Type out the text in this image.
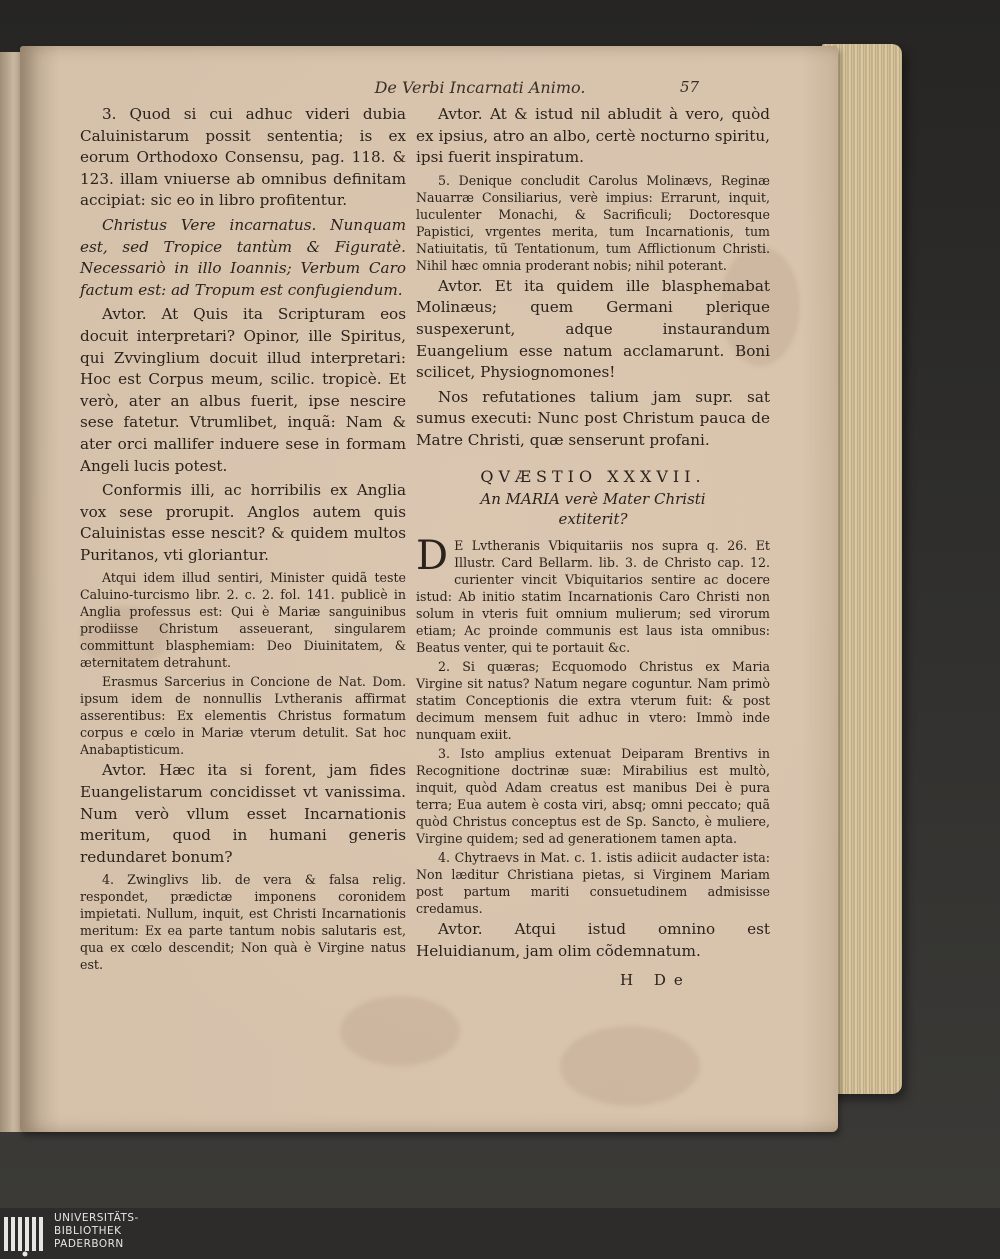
De Verbi Incarnati Animo.	57

3. Quod si cui adhuc videri dubia Caluinistarum possit sententia; is ex eorum Orthodoxo Consensu, pag. 118. & 123. illam vniuerse ab omnibus definitam accipiat: sic eo in libro profitentur.

Christus Vere incarnatus. Nunquam est, sed Tropice tantùm & Figuratè. Necessariò in illo Ioannis; Verbum Caro factum est: ad Tropum est confugiendum.

Avtor. At Quis ita Scripturam eos docuit interpretari? Opinor, ille Spiritus, qui Zvvinglium docuit illud interpretari: Hoc est Corpus meum, scilic. tropicè. Et verò, ater an albus fuerit, ipse nescire sese fatetur. Vtrumlibet, inquã: Nam & ater orci mallifer induere sese in formam Angeli lucis potest.

Conformis illi, ac horribilis ex Anglia vox sese prorupit. Anglos autem quis Caluinistas esse nescit? & quidem multos Puritanos, vti gloriantur.

Atqui idem illud sentiri, Minister quidã teste Caluino-turcismo libr. 2. c. 2. fol. 141. publicè in Anglia professus est: Qui è Mariæ sanguinibus prodiisse Christum asseuerant, singularem committunt blasphemiam: Deo Diuinitatem, & æternitatem detrahunt.

Erasmus Sarcerius in Concione de Nat. Dom. ipsum idem de nonnullis Lvtheranis affirmat asserentibus: Ex elementis Christus formatum corpus e cœlo in Mariæ vterum detulit. Sat hoc Anabaptisticum.

Avtor. Hæc ita si forent, jam fides Euangelistarum concidisset vt vanissima. Num verò vllum esset Incarnationis meritum, quod in humani generis redundaret bonum?

4. Zwinglivs lib. de vera & falsa relig. respondet, prædictæ imponens coronidem impietati. Nullum, inquit, est Christi Incarnationis meritum: Ex ea parte tantum nobis salutaris est, qua ex cœlo descendit; Non quà è Virgine natus est.

Avtor. At & istud nil abludit à vero, quòd ex ipsius, atro an albo, certè nocturno spiritu, ipsi fuerit inspiratum.

5. Denique concludit Carolus Molinævs, Reginæ Nauarræ Consiliarius, verè impius: Errarunt, inquit, luculenter Monachi, & Sacrificuli; Doctoresque Papistici, vrgentes merita, tum Incarnationis, tum Natiuitatis, tũ Tentationum, tum Afflictionum Christi. Nihil hæc omnia proderant nobis; nihil poterant.

Avtor. Et ita quidem ille blasphemabat Molinæus; quem Germani plerique suspexerunt, adque instaurandum Euangelium esse natum acclamarunt. Boni scilicet, Physiognomones!

Nos refutationes talium jam supr. sat sumus executi: Nunc post Christum pauca de Matre Christi, quæ senserunt profani.

QVÆSTIO XXXVII.
An MARIA verè Mater Christi extiterit?

D E Lvtheranis Vbiquitariis nos supra q. 26. Et Illustr. Card Bellarm. lib. 3. de Christo cap. 12. curienter vincit Vbiquitarios sentire ac docere istud: Ab initio statim Incarnationis Caro Christi non solum in vteris fuit omnium mulierum; sed virorum etiam; Ac proinde communis est laus ista omnibus: Beatus venter, qui te portauit &c.

2. Si quæras; Ecquomodo Christus ex Maria Virgine sit natus? Natum negare coguntur. Nam primò statim Conceptionis die extra vterum fuit: & post decimum mensem fuit adhuc in vtero: Immò inde nunquam exiit.

3. Isto amplius extenuat Deiparam Brentivs in Recognitione doctrinæ suæ: Mirabilius est multò, inquit, quòd Adam creatus est manibus Dei è pura terra; Eua autem è costa viri, absq; omni peccato; quã quòd Christus conceptus est de Sp. Sancto, è muliere, Virgine quidem; sed ad generationem tamen apta.

4. Chytraevs in Mat. c. 1. istis adiicit audacter ista: Non læditur Christiana pietas, si Virginem Mariam post partum mariti consuetudinem admisisse credamus.

Avtor. Atqui istud omnino est Heluidianum, jam olim cõdemnatum.

H De
UNIVERSITÄTS-
BIBLIOTHEK
PADERBORN
